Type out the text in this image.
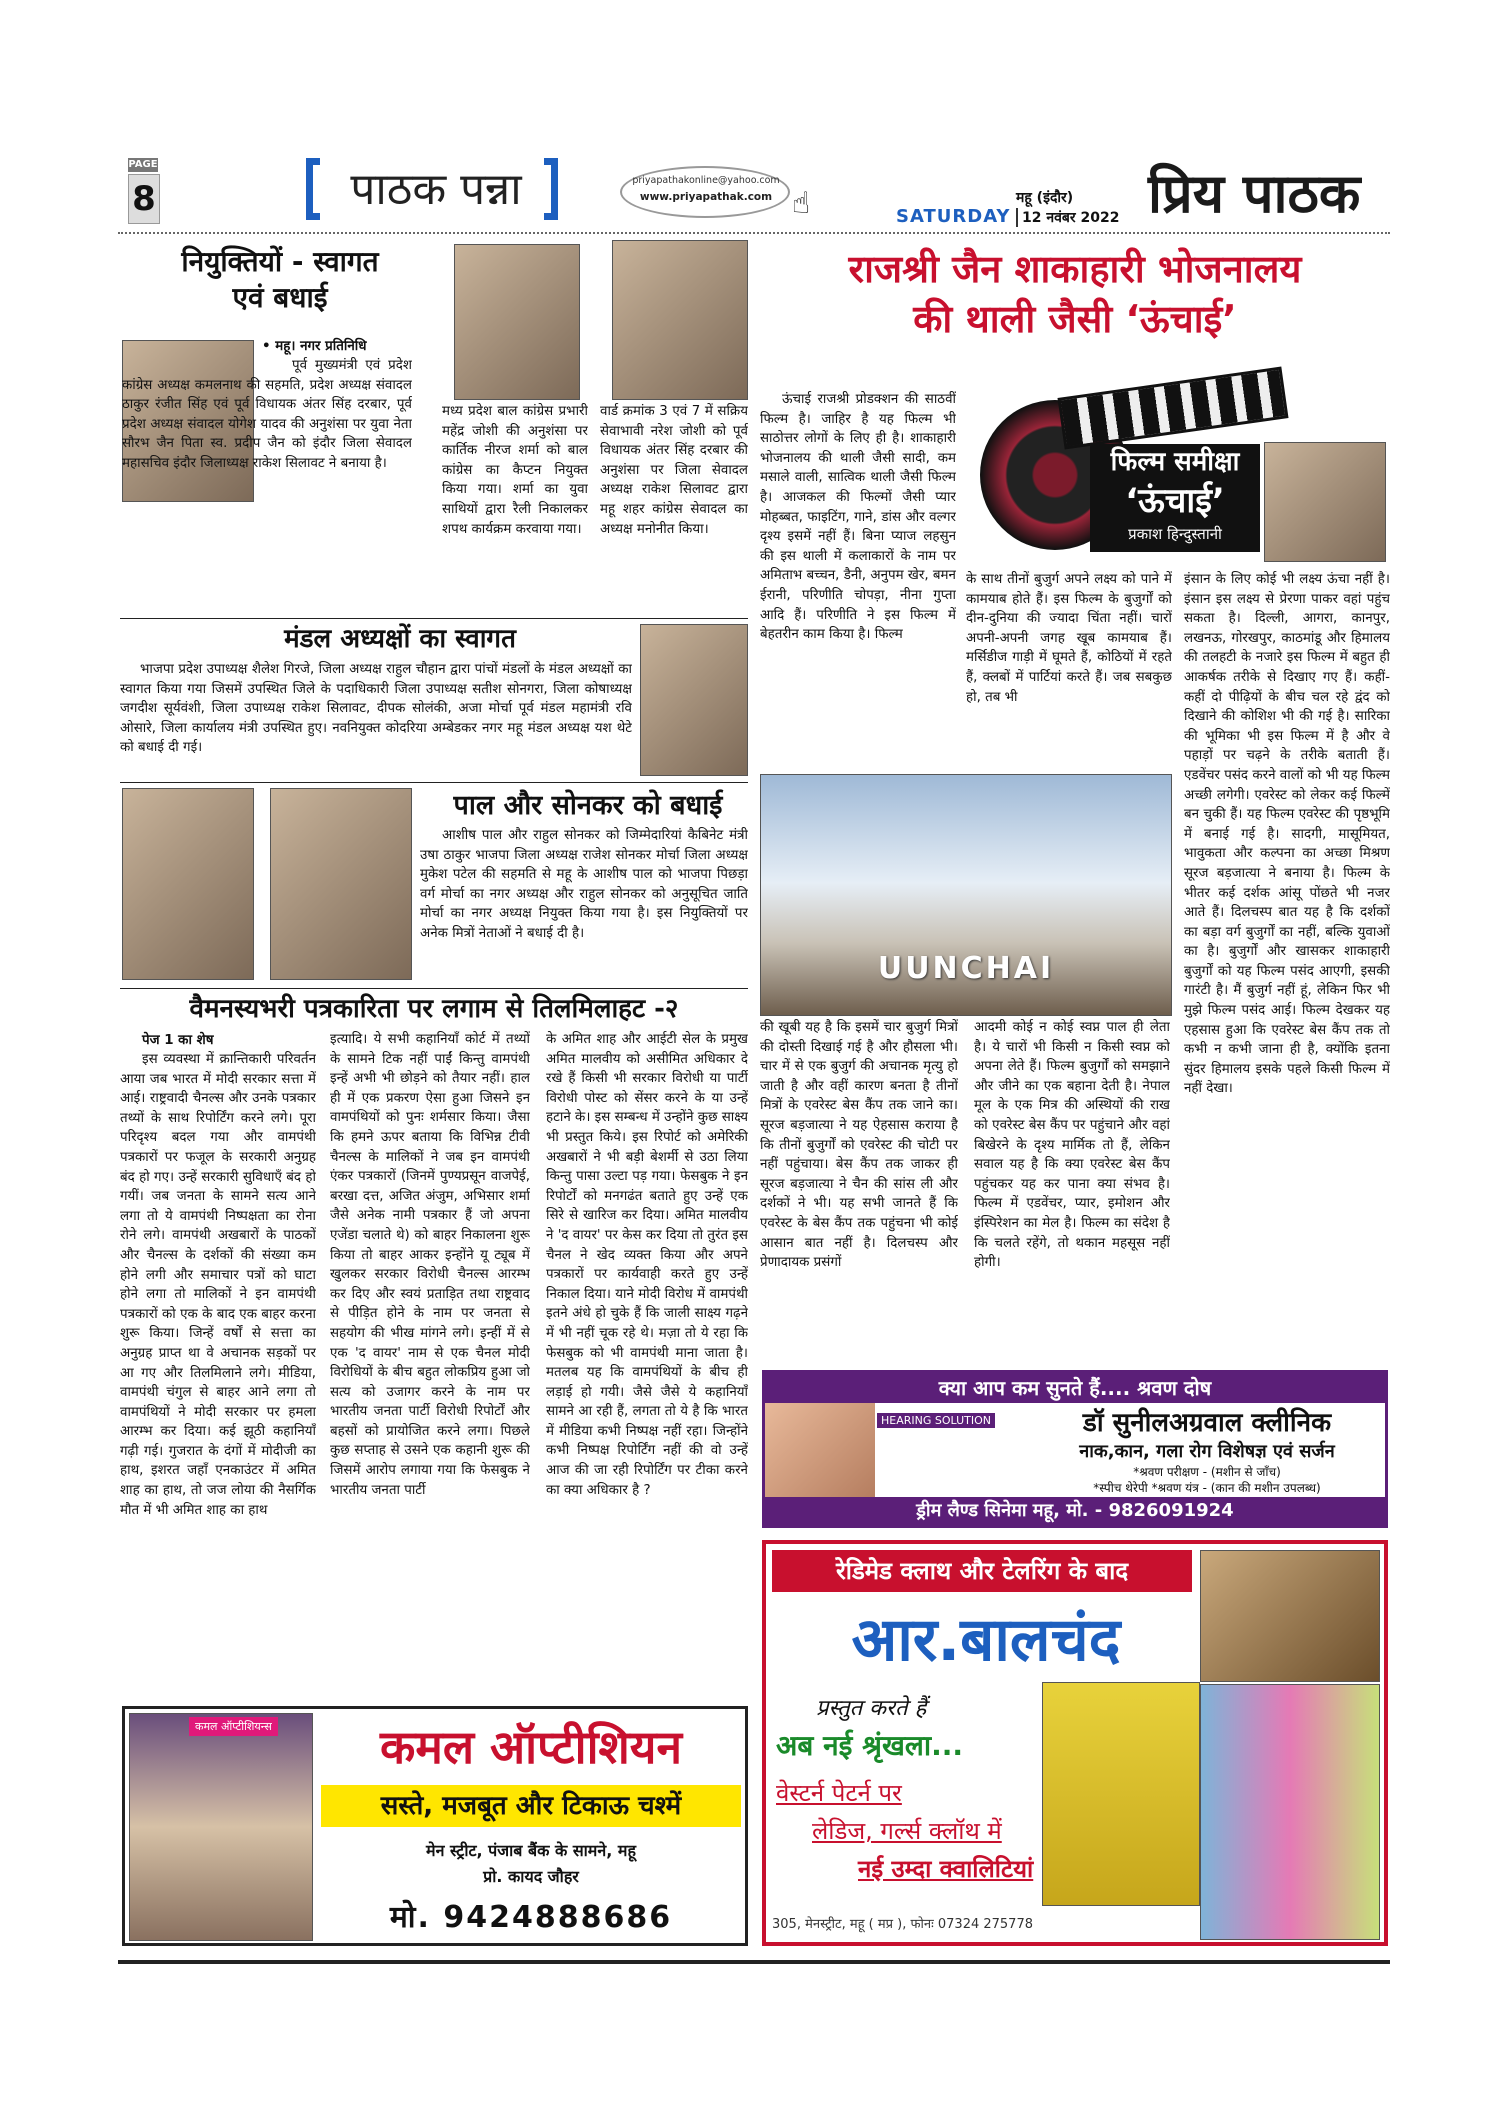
PAGE
8	पाठक पन्ना	priyapathakonline@yahoo.com
www.priyapathak.com ☝	SATURDAY
महू (इंदौर)
12 नवंबर 2022 प्रिय पाठक
नियुक्तियों - स्वागत
एवं बधाई
• महू। नगर प्रतिनिधि
पूर्व मुख्यमंत्री एवं प्रदेश कांग्रेस अध्यक्ष कमलनाथ की सहमति, प्रदेश अध्यक्ष संवादल ठाकुर रंजीत सिंह एवं पूर्व विधायक अंतर सिंह दरबार, पूर्व प्रदेश अध्यक्ष संवादल योगेश यादव की अनुशंसा पर युवा नेता सौरभ जैन पिता स्व. प्रदीप जैन को इंदौर जिला सेवादल महासचिव इंदौर जिलाध्यक्ष राकेश सिलावट ने बनाया है।
मध्य प्रदेश बाल कांग्रेस प्रभारी महेंद्र जोशी की अनुशंसा पर कार्तिक नीरज शर्मा को बाल कांग्रेस का कैप्टन नियुक्त किया गया। शर्मा का युवा साथियों द्वारा रैली निकालकर शपथ कार्यक्रम करवाया गया।
वार्ड क्रमांक 3 एवं 7 में सक्रिय सेवाभावी नरेश जोशी को पूर्व विधायक अंतर सिंह दरबार की अनुशंसा पर जिला सेवादल अध्यक्ष राकेश सिलावट द्वारा महू शहर कांग्रेस सेवादल का अध्यक्ष मनोनीत किया।
मंडल अध्यक्षों का स्वागत
भाजपा प्रदेश उपाध्यक्ष शैलेश गिरजे, जिला अध्यक्ष राहुल चौहान द्वारा पांचों मंडलों के मंडल अध्यक्षों का स्वागत किया गया जिसमें उपस्थित जिले के पदाधिकारी जिला उपाध्यक्ष सतीश सोनगरा, जिला कोषाध्यक्ष जगदीश सूर्यवंशी, जिला उपाध्यक्ष राकेश सिलावट, दीपक सोलंकी, अजा मोर्चा पूर्व मंडल महामंत्री रवि ओसारे, जिला कार्यालय मंत्री उपस्थित हुए। नवनियुक्त कोदरिया अम्बेडकर नगर महू मंडल अध्यक्ष यश थेटे को बधाई दी गई।
पाल और सोनकर को बधाई
आशीष पाल और राहुल सोनकर को जिम्मेदारियां कैबिनेट मंत्री उषा ठाकुर भाजपा जिला अध्यक्ष राजेश सोनकर मोर्चा जिला अध्यक्ष मुकेश पटेल की सहमति से महू के आशीष पाल को भाजपा पिछड़ा वर्ग मोर्चा का नगर अध्यक्ष और राहुल सोनकर को अनुसूचित जाति मोर्चा का नगर अध्यक्ष नियुक्त किया गया है। इस नियुक्तियों पर अनेक मित्रों नेताओं ने बधाई दी है।
वैमनस्यभरी पत्रकारिता पर लगाम से तिलमिलाहट -२
पेज 1 का शेष
इस व्यवस्था में क्रान्तिकारी परिवर्तन आया जब भारत में मोदी सरकार सत्ता में आई। राष्ट्रवादी चैनल्स और उनके पत्रकार तथ्यों के साथ रिपोर्टिंग करने लगे। पूरा परिदृश्य बदल गया और वामपंथी पत्रकारों पर फजूल के सरकारी अनुग्रह बंद हो गए। उन्हें सरकारी सुविधाएँ बंद हो गयीं। जब जनता के सामने सत्य आने लगा तो ये वामपंथी निष्पक्षता का रोना रोने लगे। वामपंथी अखबारों के पाठकों और चैनल्स के दर्शकों की संख्या कम होने लगी और समाचार पत्रों को घाटा होने लगा तो मालिकों ने इन वामपंथी पत्रकारों को एक के बाद एक बाहर करना शुरू किया। जिन्हें वर्षों से सत्ता का अनुग्रह प्राप्त था वे अचानक सड़कों पर आ गए और तिलमिलाने लगे। मीडिया, वामपंथी चंगुल से बाहर आने लगा तो वामपंथियों ने मोदी सरकार पर हमला आरम्भ कर दिया। कई झूठी कहानियाँ गढ़ी गई। गुजरात के दंगों में मोदीजी का हाथ, इशरत जहाँ एनकाउंटर में अमित शाह का हाथ, तो जज लोया की नैसर्गिक मौत में भी अमित शाह का हाथ
इत्यादि। ये सभी कहानियाँ कोर्ट में तथ्यों के सामने टिक नहीं पाईं किन्तु वामपंथी इन्हें अभी भी छोड़ने को तैयार नहीं। हाल ही में एक प्रकरण ऐसा हुआ जिसने इन वामपंथियों को पुनः शर्मसार किया। जैसा कि हमने ऊपर बताया कि विभिन्न टीवी चैनल्स के मालिकों ने जब इन वामपंथी एंकर पत्रकारों (जिनमें पुण्यप्रसून वाजपेई, बरखा दत्त, अजित अंजुम, अभिसार शर्मा जैसे अनेक नामी पत्रकार हैं जो अपना एजेंडा चलाते थे) को बाहर निकालना शुरू किया तो बाहर आकर इन्होंने यू ट्यूब में खुलकर सरकार विरोधी चैनल्स आरम्भ कर दिए और स्वयं प्रताड़ित तथा राष्ट्रवाद से पीड़ित होने के नाम पर जनता से सहयोग की भीख मांगने लगे। इन्हीं में से एक 'द वायर' नाम से एक चैनल मोदी विरोधियों के बीच बहुत लोकप्रिय हुआ जो सत्य को उजागर करने के नाम पर भारतीय जनता पार्टी विरोधी रिपोर्टों और बहसों को प्रायोजित करने लगा। पिछले कुछ सप्ताह से उसने एक कहानी शुरू की जिसमें आरोप लगाया गया कि फेसबुक ने भारतीय जनता पार्टी
के अमित शाह और आईटी सेल के प्रमुख अमित मालवीय को असीमित अधिकार दे रखे हैं किसी भी सरकार विरोधी या पार्टी विरोधी पोस्ट को सेंसर करने के या उन्हें हटाने के। इस सम्बन्ध में उन्होंने कुछ साक्ष्य भी प्रस्तुत किये। इस रिपोर्ट को अमेरिकी अखबारों ने भी बड़ी बेशर्मी से उठा लिया किन्तु पासा उल्टा पड़ गया। फेसबुक ने इन रिपोर्टों को मनगढंत बताते हुए उन्हें एक सिरे से खारिज कर दिया। अमित मालवीय ने 'द वायर' पर केस कर दिया तो तुरंत इस चैनल ने खेद व्यक्त किया और अपने पत्रकारों पर कार्यवाही करते हुए उन्हें निकाल दिया। याने मोदी विरोध में वामपंथी इतने अंधे हो चुके हैं कि जाली साक्ष्य गढ़ने में भी नहीं चूक रहे थे। मज़ा तो ये रहा कि फेसबुक को भी वामपंथी माना जाता है। मतलब यह कि वामपंथियों के बीच ही लड़ाई हो गयी। जैसे जैसे ये कहानियाँ सामने आ रही हैं, लगता तो ये है कि भारत में मीडिया कभी निष्पक्ष नहीं रहा। जिन्होंने कभी निष्पक्ष रिपोर्टिंग नहीं की वो उन्हें आज की जा रही रिपोर्टिंग पर टीका करने का क्या अधिकार है ?
राजश्री जैन शाकाहारी भोजनालय
की थाली जैसी ‘ऊंचाई’
ऊंचाई राजश्री प्रोडक्शन की साठवीं फिल्म है। जाहिर है यह फिल्म भी साठोत्तर लोगों के लिए ही है। शाकाहारी भोजनालय की थाली जैसी सादी, कम मसाले वाली, सात्विक थाली जैसी फिल्म है। आजकल की फिल्मों जैसी प्यार मोहब्बत, फाइटिंग, गाने, डांस और वल्गर दृश्य इसमें नहीं हैं। बिना प्याज लहसुन की इस थाली में कलाकारों के नाम पर अमिताभ बच्चन, डैनी, अनुपम खेर, बमन ईरानी, परिणीति चोपड़ा, नीना गुप्ता आदि हैं। परिणीति ने इस फिल्म में बेहतरीन काम किया है। फिल्म
फिल्म समीक्षा
‘ऊंचाई’
प्रकाश हिन्दुस्तानी
के साथ तीनों बुजुर्ग अपने लक्ष्य को पाने में कामयाब होते हैं। इस फिल्म के बुजुर्गों को दीन-दुनिया की ज्यादा चिंता नहीं। चारों अपनी-अपनी जगह खूब कामयाब हैं। मर्सिडीज गाड़ी में घूमते हैं, कोठियों में रहते हैं, क्लबों में पार्टियां करते हैं। जब सबकुछ हो, तब भी
इंसान के लिए कोई भी लक्ष्य ऊंचा नहीं है। इंसान इस लक्ष्य से प्रेरणा पाकर वहां पहुंच सकता है। दिल्ली, आगरा, कानपुर, लखनऊ, गोरखपुर, काठमांडू और हिमालय की तलहटी के नजारे इस फिल्म में बहुत ही आकर्षक तरीके से दिखाए गए हैं। कहीं-कहीं दो पीढ़ियों के बीच चल रहे द्वंद को दिखाने की कोशिश भी की गई है। सारिका की भूमिका भी इस फिल्म में है और वे पहाड़ों पर चढ़ने के तरीके बताती हैं। एडवेंचर पसंद करने वालों को भी यह फिल्म अच्छी लगेगी। एवरेस्ट को लेकर कई फिल्में बन चुकी हैं। यह फिल्म एवरेस्ट की पृष्ठभूमि में बनाई गई है। सादगी, मासूमियत, भावुकता और कल्पना का अच्छा मिश्रण सूरज बड़जात्या ने बनाया है। फिल्म के भीतर कई दर्शक आंसू पोंछते भी नजर आते हैं। दिलचस्प बात यह है कि दर्शकों का बड़ा वर्ग बुजुर्गों का नहीं, बल्कि युवाओं का है। बुजुर्गों और खासकर शाकाहारी बुजुर्गों को यह फिल्म पसंद आएगी, इसकी गारंटी है। मैं बुजुर्ग नहीं हूं, लेकिन फिर भी मुझे फिल्म पसंद आई। फिल्म देखकर यह एहसास हुआ कि एवरेस्ट बेस कैंप तक तो कभी न कभी जाना ही है, क्योंकि इतना सुंदर हिमालय इसके पहले किसी फिल्म में नहीं देखा।
UUNCHAI
की खूबी यह है कि इसमें चार बुजुर्ग मित्रों की दोस्ती दिखाई गई है और हौसला भी। चार में से एक बुजुर्ग की अचानक मृत्यु हो जाती है और वहीं कारण बनता है तीनों मित्रों के एवरेस्ट बेस कैंप तक जाने का। सूरज बड़जात्या ने यह ऐहसास कराया है कि तीनों बुजुर्गों को एवरेस्ट की चोटी पर नहीं पहुंचाया। बेस कैंप तक जाकर ही सूरज बड़जात्या ने चैन की सांस ली और दर्शकों ने भी। यह सभी जानते हैं कि एवरेस्ट के बेस कैंप तक पहुंचना भी कोई आसान बात नहीं है। दिलचस्प और प्रेणादायक प्रसंगों
आदमी कोई न कोई स्वप्न पाल ही लेता है। ये चारों भी किसी न किसी स्वप्न को अपना लेते हैं। फिल्म बुजुर्गों को समझाने और जीने का एक बहाना देती है। नेपाल मूल के एक मित्र की अस्थियों की राख को एवरेस्ट बेस कैंप पर पहुंचाने और वहां बिखेरने के दृश्य मार्मिक तो हैं, लेकिन सवाल यह है कि क्या एवरेस्ट बेस कैंप पहुंचकर यह कर पाना क्या संभव है। फिल्म में एडवेंचर, प्यार, इमोशन और इंस्पिरेशन का मेल है। फिल्म का संदेश है कि चलते रहेंगे, तो थकान महसूस नहीं होगी।
क्या आप कम सुनते हैं.... श्रवण दोष
HEARING SOLUTION	डॉ सुनीलअग्रवाल क्लीनिक
नाक,कान, गला रोग विशेषज्ञ एवं सर्जन
*श्रवण परीक्षण - (मशीन से जाँच)
*स्पीच थेरेपी *श्रवण यंत्र - (कान की मशीन उपलब्ध)
ड्रीम लैण्ड सिनेमा महू, मो. - 9826091924
रेडिमेड क्लाथ और टेलरिंग के बाद
आर.बालचंद
प्रस्तुत करते हैं
अब नई श्रृंखला...
वेस्टर्न पेटर्न पर
लेडिज, गर्ल्स क्लॉथ में
नई उम्दा क्वालिटियां
305, मेनस्ट्रीट, महू ( मप्र ), फोनः 07324 275778
कमल ऑप्टीशियन्स	कमल ऑप्टीशियन
सस्ते, मजबूत और टिकाऊ चश्में
मेन स्ट्रीट, पंजाब बैंक के सामने, महू
प्रो. कायद जौहर
मो. 9424888686
